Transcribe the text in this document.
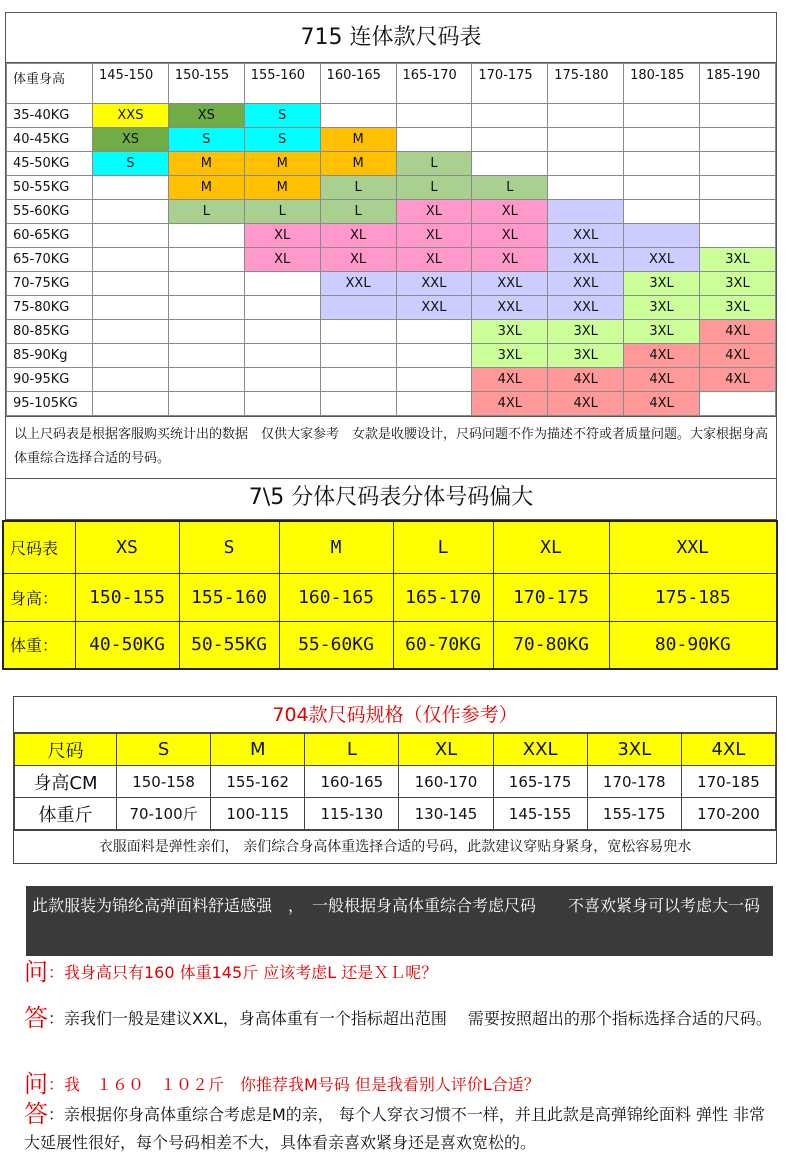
715 连体款尺码表
体重身高	145-150	150-155	155-160	160-165	165-170	170-175	175-180	180-185	185-190
35-40KG	XXS	XS	S						
40-45KG	XS	S	S	M					
45-50KG	S	M	M	M	L				
50-55KG		M	M	L	L	L			
55-60KG		L	L	L	XL	XL			
60-65KG			XL	XL	XL	XL	XXL		
65-70KG			XL	XL	XL	XL	XXL	XXL	3XL
70-75KG				XXL	XXL	XXL	XXL	3XL	3XL
75-80KG					XXL	XXL	XXL	3XL	3XL
80-85KG						3XL	3XL	3XL	4XL
85-90Kg						3XL	3XL	4XL	4XL
90-95KG						4XL	4XL	4XL	4XL
95-105KG						4XL	4XL	4XL	
以上尺码表是根据客服购买统计出的数据　仅供大家参考　女款是收腰设计，尺码问题不作为描述不符或者质量问题。大家根据身高体重综合选择合适的号码。
7\5 分体尺码表分体号码偏大
尺码表	XS	S	M	L	XL	XXL
身高：	150-155	155-160	160-165	165-170	170-175	175-185
体重：	40-50KG	50-55KG	55-60KG	60-70KG	70-80KG	80-90KG
704款尺码规格（仅作参考）
尺码	S	M	L	XL	XXL	3XL	4XL
身高CM	150-158	155-162	160-165	160-170	165-175	170-178	170-185
体重斤	70-100斤	100-115	115-130	130-145	145-155	155-175	170-200
衣服面料是弹性亲们， 亲们综合身高体重选择合适的号码，此款建议穿贴身紧身，宽松容易兜水
此款服装为锦纶高弹面料舒适感强　，　一般根据身高体重综合考虑尺码　　不喜欢紧身可以考虑大一码
问：我身高只有160 体重145斤 应该考虑L 还是ＸＬ呢？
答：亲我们一般是建议XXL，身高体重有一个指标超出范围　 需要按照超出的那个指标选择合适的尺码。
问：我　１６０　１０２斤　你推荐我M号码 但是我看别人评价L合适？
答：亲根据你身高体重综合考虑是M的亲， 每个人穿衣习惯不一样，并且此款是高弹锦纶面料 弹性 非常大延展性很好，每个号码相差不大，具体看亲喜欢紧身还是喜欢宽松的。
